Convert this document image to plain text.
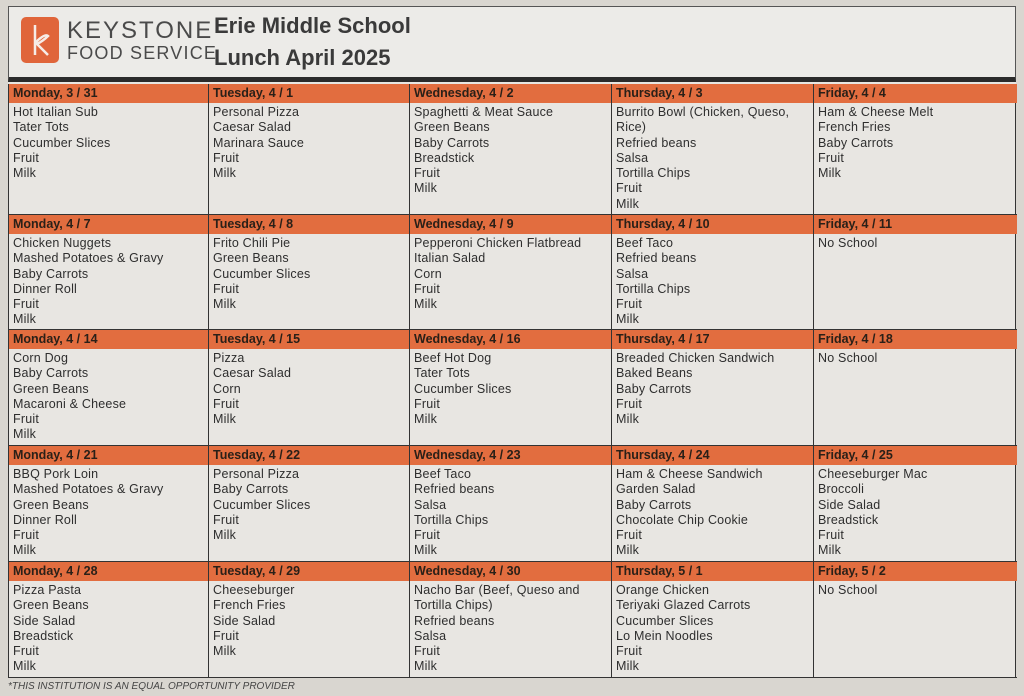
KEYSTONE
FOOD SERVICE
Erie Middle School
Lunch April 2025
Monday, 3 / 31
Hot Italian Sub
Tater Tots
Cucumber Slices
Fruit
Milk
Tuesday, 4 / 1
Personal Pizza
Caesar Salad
Marinara Sauce
Fruit
Milk
Wednesday, 4 / 2
Spaghetti & Meat Sauce
Green Beans
Baby Carrots
Breadstick
Fruit
Milk
Thursday, 4 / 3
Burrito Bowl (Chicken, Queso,
Rice)
Refried beans
Salsa
Tortilla Chips
Fruit
Milk
Friday, 4 / 4
Ham & Cheese Melt
French Fries
Baby Carrots
Fruit
Milk
Monday, 4 / 7
Chicken Nuggets
Mashed Potatoes & Gravy
Baby Carrots
Dinner Roll
Fruit
Milk
Tuesday, 4 / 8
Frito Chili Pie
Green Beans
Cucumber Slices
Fruit
Milk
Wednesday, 4 / 9
Pepperoni Chicken Flatbread
Italian Salad
Corn
Fruit
Milk
Thursday, 4 / 10
Beef Taco
Refried beans
Salsa
Tortilla Chips
Fruit
Milk
Friday, 4 / 11
No School
Monday, 4 / 14
Corn Dog
Baby Carrots
Green Beans
Macaroni & Cheese
Fruit
Milk
Tuesday, 4 / 15
Pizza
Caesar Salad
Corn
Fruit
Milk
Wednesday, 4 / 16
Beef Hot Dog
Tater Tots
Cucumber Slices
Fruit
Milk
Thursday, 4 / 17
Breaded Chicken Sandwich
Baked Beans
Baby Carrots
Fruit
Milk
Friday, 4 / 18
No School
Monday, 4 / 21
BBQ Pork Loin
Mashed Potatoes & Gravy
Green Beans
Dinner Roll
Fruit
Milk
Tuesday, 4 / 22
Personal Pizza
Baby Carrots
Cucumber Slices
Fruit
Milk
Wednesday, 4 / 23
Beef Taco
Refried beans
Salsa
Tortilla Chips
Fruit
Milk
Thursday, 4 / 24
Ham & Cheese Sandwich
Garden Salad
Baby Carrots
Chocolate Chip Cookie
Fruit
Milk
Friday, 4 / 25
Cheeseburger Mac
Broccoli
Side Salad
Breadstick
Fruit
Milk
Monday, 4 / 28
Pizza Pasta
Green Beans
Side Salad
Breadstick
Fruit
Milk
Tuesday, 4 / 29
Cheeseburger
French Fries
Side Salad
Fruit
Milk
Wednesday, 4 / 30
Nacho Bar (Beef, Queso and
Tortilla Chips)
Refried beans
Salsa
Fruit
Milk
Thursday, 5 / 1
Orange Chicken
Teriyaki Glazed Carrots
Cucumber Slices
Lo Mein Noodles
Fruit
Milk
Friday, 5 / 2
No School
*THIS INSTITUTION IS AN EQUAL OPPORTUNITY PROVIDER
